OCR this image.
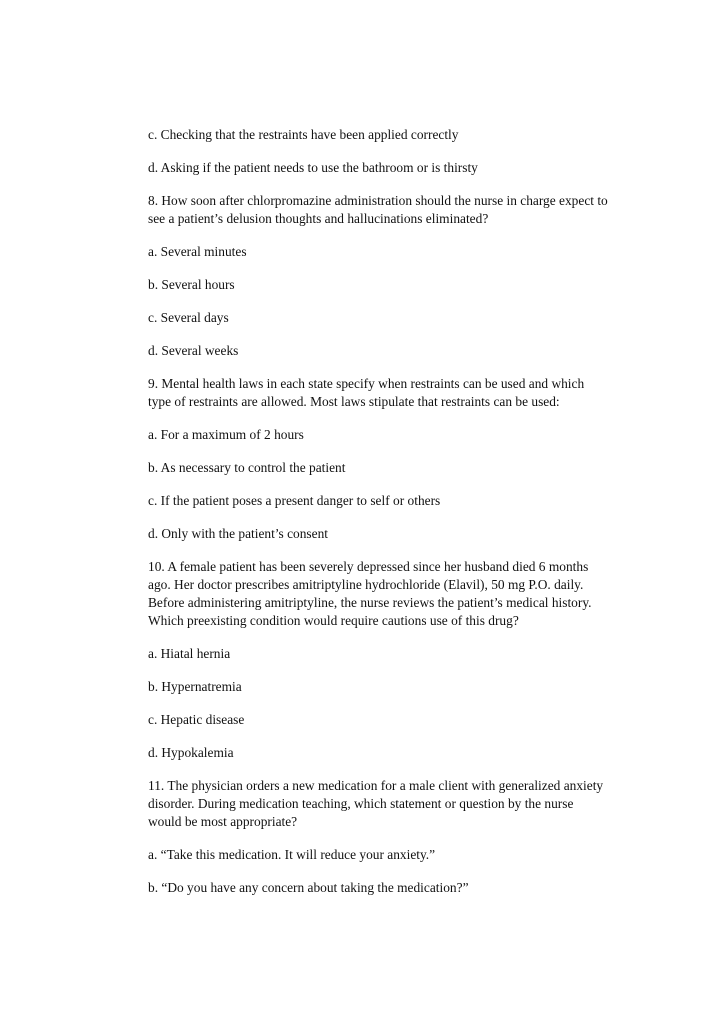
c. Checking that the restraints have been applied correctly

d. Asking if the patient needs to use the bathroom or is thirsty

8. How soon after chlorpromazine administration should the nurse in charge expect to
see a patient’s delusion thoughts and hallucinations eliminated?

a. Several minutes

b. Several hours

c. Several days

d. Several weeks

9. Mental health laws in each state specify when restraints can be used and which
type of restraints are allowed. Most laws stipulate that restraints can be used:

a. For a maximum of 2 hours

b. As necessary to control the patient

c. If the patient poses a present danger to self or others

d. Only with the patient’s consent

10. A female patient has been severely depressed since her husband died 6 months
ago. Her doctor prescribes amitriptyline hydrochloride (Elavil), 50 mg P.O. daily.
Before administering amitriptyline, the nurse reviews the patient’s medical history.
Which preexisting condition would require cautions use of this drug?

a. Hiatal hernia

b. Hypernatremia

c. Hepatic disease

d. Hypokalemia

11. The physician orders a new medication for a male client with generalized anxiety
disorder. During medication teaching, which statement or question by the nurse
would be most appropriate?

a. “Take this medication. It will reduce your anxiety.”

b. “Do you have any concern about taking the medication?”
